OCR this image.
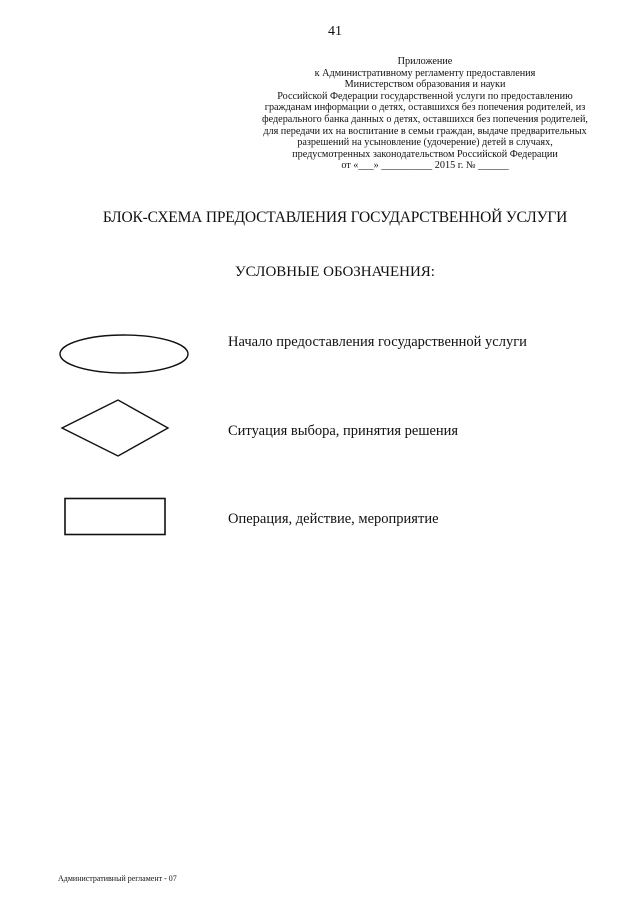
41
Приложение
к Административному регламенту предоставления
Министерством образования и науки
Российской Федерации государственной услуги по предоставлению
гражданам информации о детях, оставшихся без попечения родителей, из
федерального банка данных о детях, оставшихся без попечения родителей,
для передачи их на воспитание в семьи граждан, выдаче предварительных
разрешений на усыновление (удочерение) детей в случаях,
предусмотренных законодательством Российской Федерации
от «___» __________ 2015 г. № ______
БЛОК-СХЕМА ПРЕДОСТАВЛЕНИЯ ГОСУДАРСТВЕННОЙ УСЛУГИ
УСЛОВНЫЕ ОБОЗНАЧЕНИЯ:
Начало предоставления государственной услуги
Ситуация выбора, принятия решения
Операция, действие, мероприятие
Административный регламент - 07
